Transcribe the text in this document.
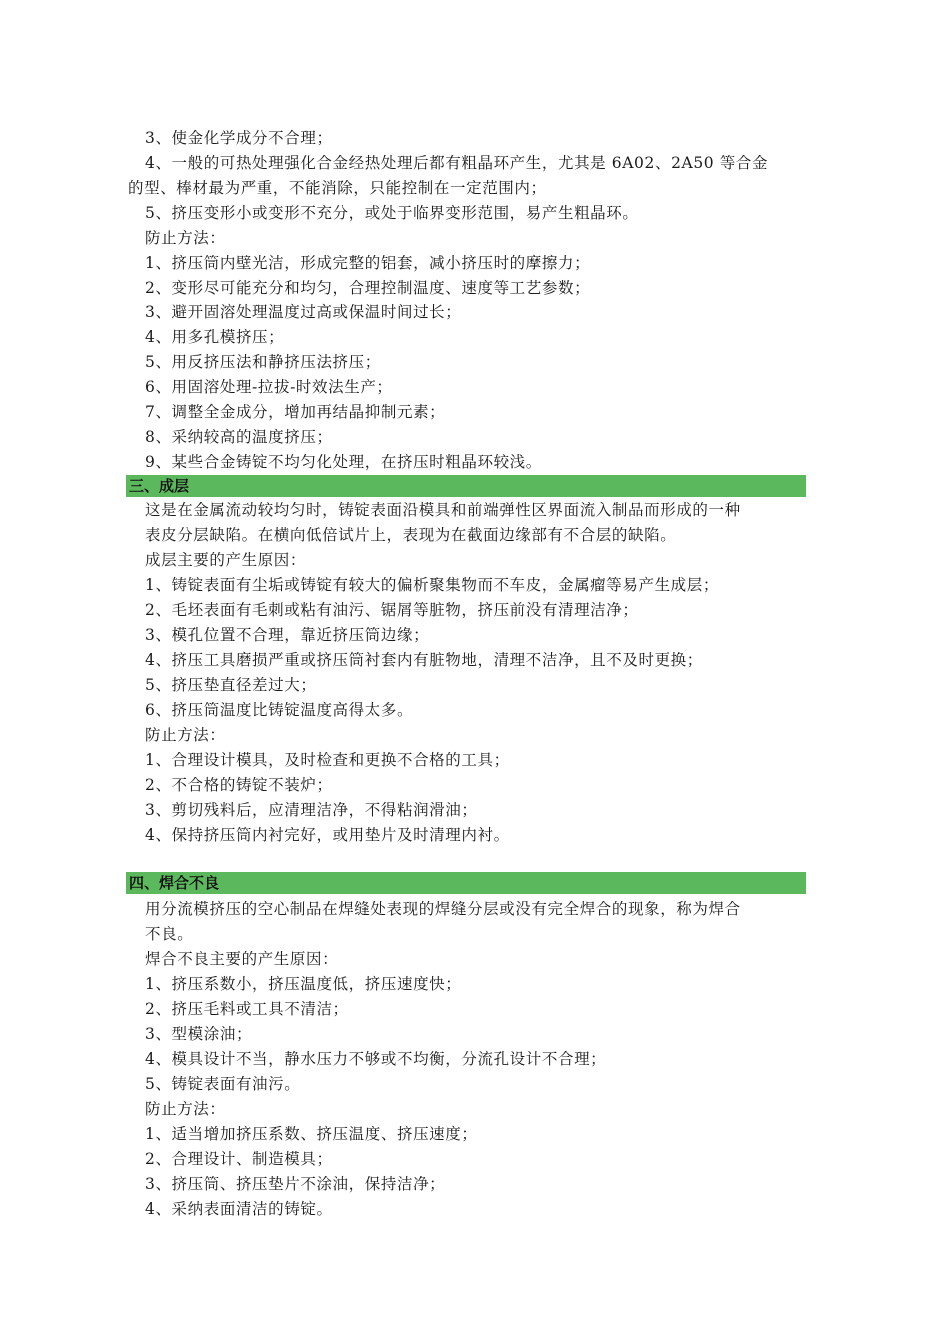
3、使金化学成分不合理；
4、一般的可热处理强化合金经热处理后都有粗晶环产生，尤其是 6A02、2A50 等合金
的型、棒材最为严重，不能消除，只能控制在一定范围内；
5、挤压变形小或变形不充分，或处于临界变形范围，易产生粗晶环。
防止方法：
1、挤压筒内壁光洁，形成完整的铝套，减小挤压时的摩擦力；
2、变形尽可能充分和均匀，合理控制温度、速度等工艺参数；
3、避开固溶处理温度过高或保温时间过长；
4、用多孔模挤压；
5、用反挤压法和静挤压法挤压；
6、用固溶处理-拉拔-时效法生产；
7、调整全金成分，增加再结晶抑制元素；
8、采纳较高的温度挤压；
9、某些合金铸锭不均匀化处理，在挤压时粗晶环较浅。
三、成层
这是在金属流动较均匀时，铸锭表面沿模具和前端弹性区界面流入制品而形成的一种
表皮分层缺陷。在横向低倍试片上，表现为在截面边缘部有不合层的缺陷。
成层主要的产生原因：
1、铸锭表面有尘垢或铸锭有较大的偏析聚集物而不车皮，金属瘤等易产生成层；
2、毛坯表面有毛刺或粘有油污、锯屑等脏物，挤压前没有清理洁净；
3、模孔位置不合理，靠近挤压筒边缘；
4、挤压工具磨损严重或挤压筒衬套内有脏物地，清理不洁净，且不及时更换；
5、挤压垫直径差过大；
6、挤压筒温度比铸锭温度高得太多。
防止方法：
1、合理设计模具，及时检查和更换不合格的工具；
2、不合格的铸锭不装炉；
3、剪切残料后，应清理洁净，不得粘润滑油；
4、保持挤压筒内衬完好，或用垫片及时清理内衬。
四、焊合不良
用分流模挤压的空心制品在焊缝处表现的焊缝分层或没有完全焊合的现象，称为焊合
不良。
焊合不良主要的产生原因：
1、挤压系数小，挤压温度低，挤压速度快；
2、挤压毛料或工具不清洁；
3、型模涂油；
4、模具设计不当，静水压力不够或不均衡，分流孔设计不合理；
5、铸锭表面有油污。
防止方法：
1、适当增加挤压系数、挤压温度、挤压速度；
2、合理设计、制造模具；
3、挤压筒、挤压垫片不涂油，保持洁净；
4、采纳表面清洁的铸锭。
